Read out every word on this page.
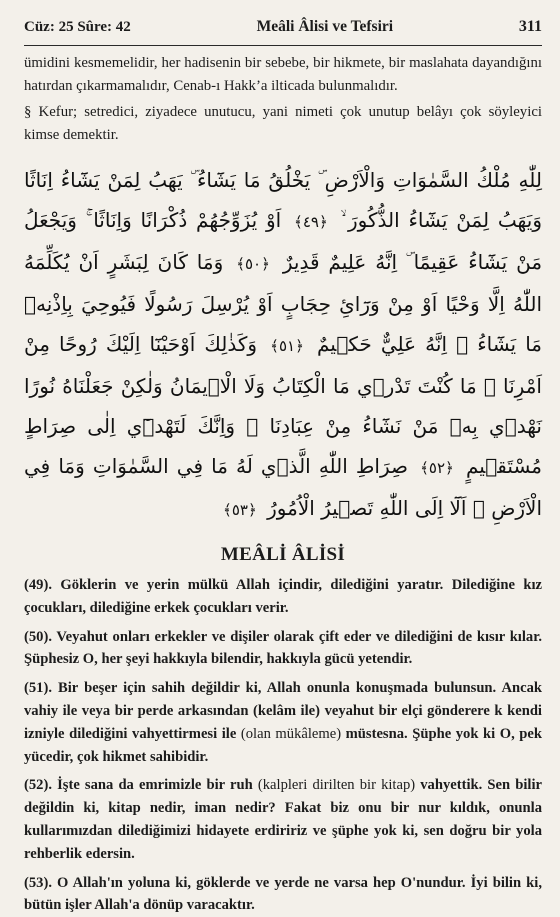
Cüz: 25 Sûre: 42	Meâli Âlisi ve Tefsiri	311

ümidini kesmemelidir, her hadisenin bir sebebe, bir hikmete, bir maslahata dayandığını hatırdan çıkarmamalıdır, Cenab-ı Hakk’a ilticada bulunmalıdır.

§ Kefur; setredici, ziyadece unutucu, yani nimeti çok unutup belâyı çok söyleyici kimse demektir.

لِلّٰهِ مُلْكُ السَّمٰوَاتِ وَالْاَرْضِ ۜ يَخْلُقُ مَا يَشَٓاءُ ۜ يَهَبُ لِمَنْ يَشَٓاءُ اِنَاثًا وَيَهَبُ لِمَنْ يَشَٓاءُ الذُّكُورَ ۙ ﴿٤٩﴾ اَوْ يُزَوِّجُهُمْ ذُكْرَانًا وَاِنَاثًا ۚ وَيَجْعَلُ مَنْ يَشَٓاءُ عَقِيمًا ۜ اِنَّهُ عَلِيمٌ قَدِيرٌ ﴿٥٠﴾ وَمَا كَانَ لِبَشَرٍ اَنْ يُكَلِّمَهُ اللّٰهُ اِلَّا وَحْيًا اَوْ مِنْ وَرَٓائِ حِجَابٍ اَوْ يُرْسِلَ رَسُولًا فَيُوحِيَ بِاِذْنِه۪ مَا يَشَٓاءُ ۜ اِنَّهُ عَلِيٌّ حَك۪يمٌ ﴿٥١﴾ وَكَذٰلِكَ اَوْحَيْنَٓا اِلَيْكَ رُوحًا مِنْ اَمْرِنَا ۜ مَا كُنْتَ تَدْر۪ي مَا الْكِتَابُ وَلَا الْا۪يمَانُ وَلٰكِنْ جَعَلْنَاهُ نُورًا نَهْد۪ي بِه۪ مَنْ نَشَٓاءُ مِنْ عِبَادِنَا ۜ وَاِنَّكَ لَتَهْد۪ٓي اِلٰى صِرَاطٍ مُسْتَق۪يمٍ ﴿٥٢﴾ صِرَاطِ اللّٰهِ الَّذ۪ي لَهُ مَا فِي السَّمٰوَاتِ وَمَا فِي الْاَرْضِ ۜ اَلَٓا اِلَى اللّٰهِ تَص۪يرُ الْاُمُورُ ﴿٥٣﴾
MEÂLİ ÂLİSİ

(49). Göklerin ve yerin mülkü Allah içindir, dilediğini yaratır. Dilediğine kız çocukları, dilediğine erkek çocukları verir.

(50). Veyahut onları erkekler ve dişiler olarak çift eder ve dilediğini de kısır kılar. Şüphesiz O, her şeyi hakkıyla bilendir, hakkıyla gücü yetendir.

(51). Bir beşer için sahih değildir ki, Allah onunla konuşmada bulunsun. Ancak vahiy ile veya bir perde arkasından (kelâm ile) veyahut bir elçi gönderere k kendi izniyle dilediğini vahyettirmesi ile (olan mükâleme) müstesna. Şüphe yok ki O, pek yücedir, çok hikmet sahibidir.

(52). İşte sana da emrimizle bir ruh (kalpleri dirilten bir kitap) vahyettik. Sen bilir değildin ki, kitap nedir, iman nedir? Fakat biz onu bir nur kıldık, onunla kullarımızdan dilediğimizi hidayete erdiririz ve şüphe yok ki, sen doğru bir yola rehberlik edersin.

(53). O Allah'ın yoluna ki, göklerde ve yerde ne varsa hep O'nundur. İyi bilin ki, bütün işler Allah'a dönüp varacaktır.
